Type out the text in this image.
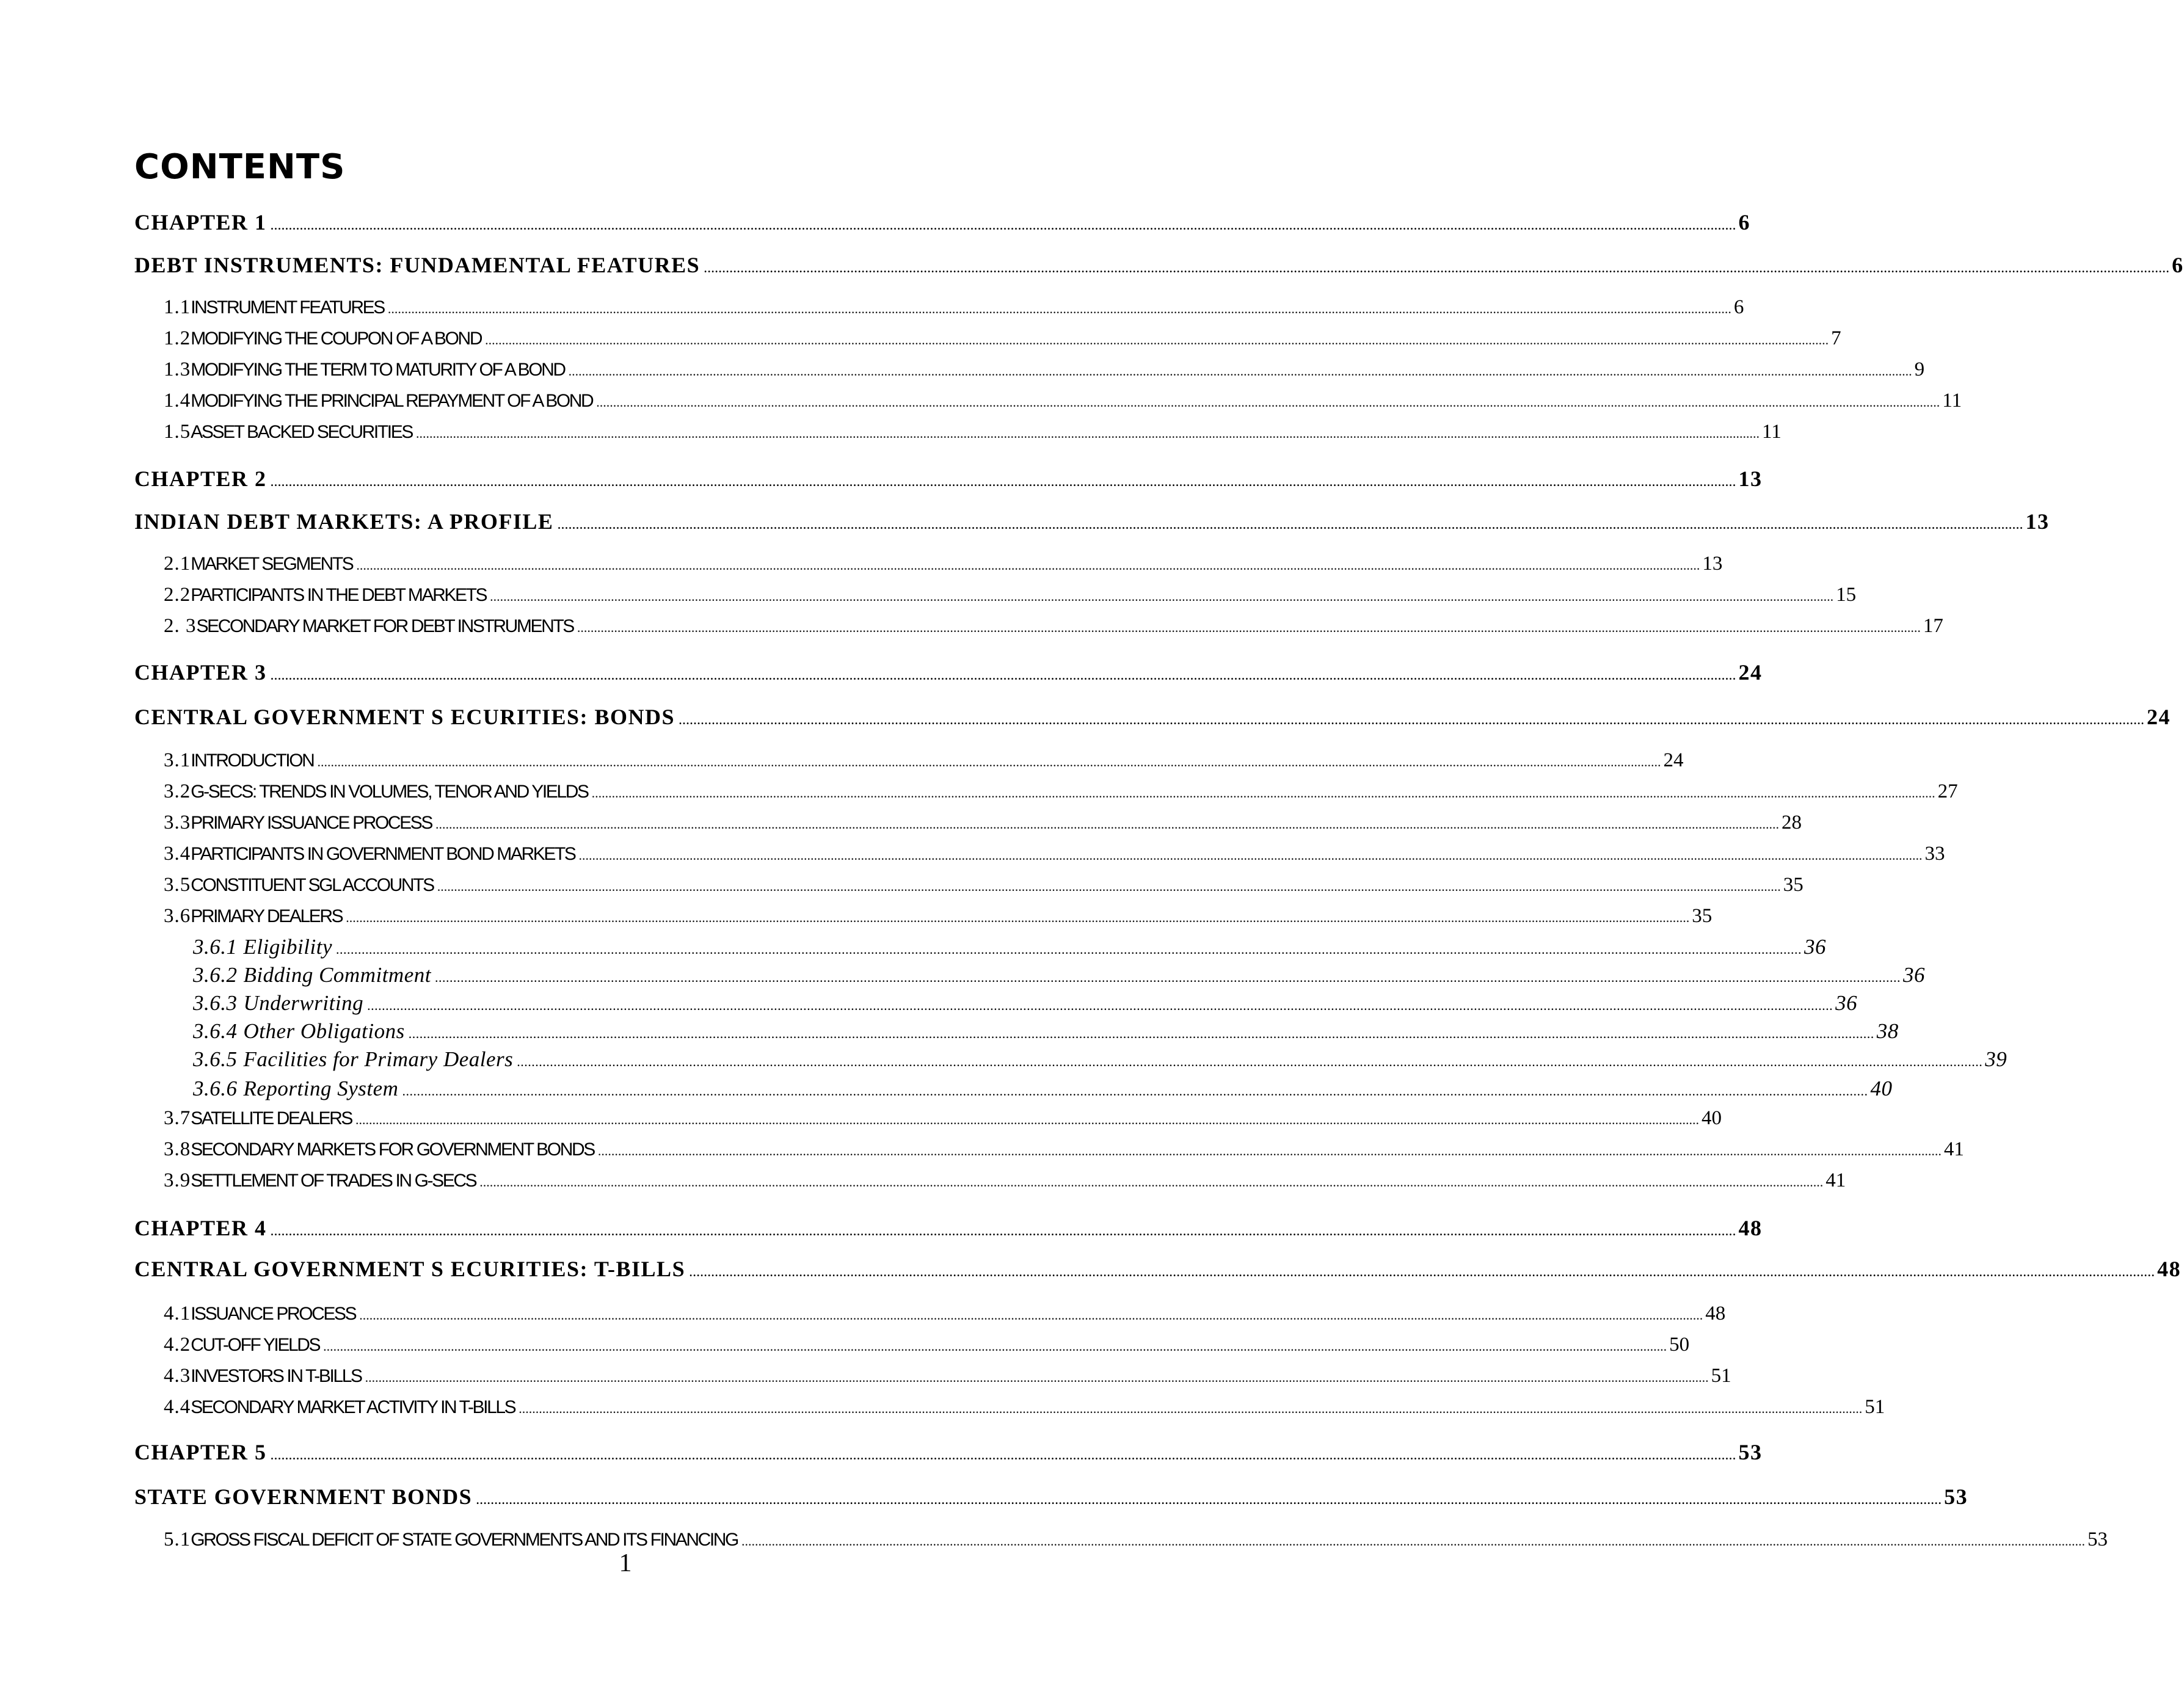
CONTENTS
CHAPTER 1 ................................................................................................................................................................................................................................................................................................................................................................................................................ 6
DEBT INSTRUMENTS: FUNDAMENTAL FEATURES ................................................................................................................................................................................................................................................................................................................................................................................................................ 6
1.1 INSTRUMENT FEATURES ................................................................................................................................................................................................................................................................................................................................................................................................................ 6
1.2 MODIFYING THE COUPON OF A BOND ................................................................................................................................................................................................................................................................................................................................................................................................................ 7
1.3 MODIFYING THE TERM TO MATURITY OF A BOND ................................................................................................................................................................................................................................................................................................................................................................................................................ 9
1.4 MODIFYING THE PRINCIPAL REPAYMENT OF A BOND ................................................................................................................................................................................................................................................................................................................................................................................................................ 11
1.5 ASSET BACKED SECURITIES ................................................................................................................................................................................................................................................................................................................................................................................................................ 11
CHAPTER 2 ................................................................................................................................................................................................................................................................................................................................................................................................................ 13
INDIAN DEBT MARKETS: A PROFILE ................................................................................................................................................................................................................................................................................................................................................................................................................ 13
2.1 MARKET SEGMENTS ................................................................................................................................................................................................................................................................................................................................................................................................................ 13
2.2 PARTICIPANTS IN THE DEBT MARKETS ................................................................................................................................................................................................................................................................................................................................................................................................................ 15
2. 3 SECONDARY MARKET FOR DEBT INSTRUMENTS ................................................................................................................................................................................................................................................................................................................................................................................................................ 17
CHAPTER 3 ................................................................................................................................................................................................................................................................................................................................................................................................................ 24
CENTRAL GOVERNMENT S ECURITIES: BONDS ................................................................................................................................................................................................................................................................................................................................................................................................................ 24
3.1 INTRODUCTION ................................................................................................................................................................................................................................................................................................................................................................................................................ 24
3.2 G-SECS: TRENDS IN VOLUMES, TENOR AND YIELDS ................................................................................................................................................................................................................................................................................................................................................................................................................ 27
3.3 PRIMARY ISSUANCE PROCESS ................................................................................................................................................................................................................................................................................................................................................................................................................ 28
3.4 PARTICIPANTS IN GOVERNMENT BOND MARKETS ................................................................................................................................................................................................................................................................................................................................................................................................................ 33
3.5 CONSTITUENT SGL ACCOUNTS ................................................................................................................................................................................................................................................................................................................................................................................................................ 35
3.6 PRIMARY DEALERS ................................................................................................................................................................................................................................................................................................................................................................................................................ 35
3.6.1 Eligibility ................................................................................................................................................................................................................................................................................................................................................................................................................ 36
3.6.2 Bidding Commitment ................................................................................................................................................................................................................................................................................................................................................................................................................ 36
3.6.3 Underwriting ................................................................................................................................................................................................................................................................................................................................................................................................................ 36
3.6.4 Other Obligations ................................................................................................................................................................................................................................................................................................................................................................................................................ 38
3.6.5 Facilities for Primary Dealers ................................................................................................................................................................................................................................................................................................................................................................................................................ 39
3.6.6 Reporting System ................................................................................................................................................................................................................................................................................................................................................................................................................ 40
3.7 SATELLITE DEALERS ................................................................................................................................................................................................................................................................................................................................................................................................................ 40
3.8 SECONDARY MARKETS FOR GOVERNMENT BONDS ................................................................................................................................................................................................................................................................................................................................................................................................................ 41
3.9 SETTLEMENT OF TRADES IN G-SECS ................................................................................................................................................................................................................................................................................................................................................................................................................ 41
CHAPTER 4 ................................................................................................................................................................................................................................................................................................................................................................................................................ 48
CENTRAL GOVERNMENT S ECURITIES: T-BILLS ................................................................................................................................................................................................................................................................................................................................................................................................................ 48
4.1 ISSUANCE PROCESS ................................................................................................................................................................................................................................................................................................................................................................................................................ 48
4.2 CUT-OFF YIELDS ................................................................................................................................................................................................................................................................................................................................................................................................................ 50
4.3 INVESTORS IN T-BILLS ................................................................................................................................................................................................................................................................................................................................................................................................................ 51
4.4 SECONDARY MARKET ACTIVITY IN T-BILLS ................................................................................................................................................................................................................................................................................................................................................................................................................ 51
CHAPTER 5 ................................................................................................................................................................................................................................................................................................................................................................................................................ 53
STATE GOVERNMENT BONDS ................................................................................................................................................................................................................................................................................................................................................................................................................ 53
5.1 GROSS FISCAL DEFICIT OF STATE GOVERNMENTS AND ITS FINANCING ................................................................................................................................................................................................................................................................................................................................................................................................................ 53
1
